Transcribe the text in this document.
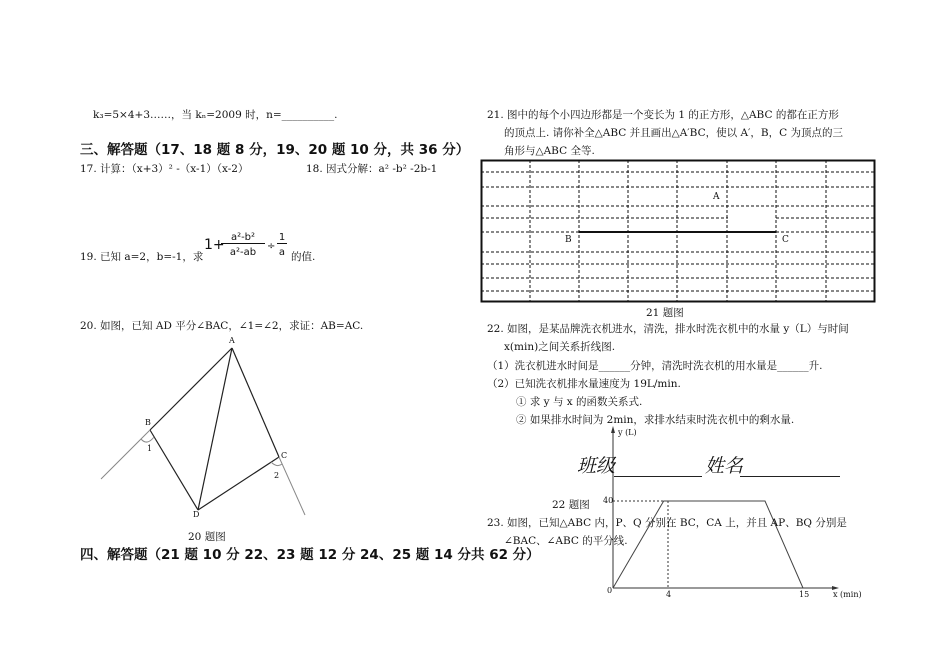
k₃=5×4+3……，当 kₙ=2009 时，n=__________.
三、解答题（17、18 题 8 分，19、20 题 10 分，共 36 分）
17. 计算：（x+3）² -（x-1）（x-2）	18. 因式分解：a² -b² -2b-1
19. 已知 a=2，b=-1，求
1+ a²-b²
a²-ab
÷
1
a 的值.
20. 如图，已知 AD 平分∠BAC，∠1=∠2，求证：AB=AC.
A
B
C
D
1
2
20 题图
四、解答题（21 题 10 分 22、23 题 12 分 24、25 题 14 分共 62 分）
21. 图中的每个小四边形都是一个变长为 1 的正方形，△ABC 的都在正方形
的顶点上. 请你补全△ABC 并且画出△A′BC，使以 A′，B，C 为顶点的三
角形与△ABC 全等.
A
B	C
21 题图
22. 如图，是某品牌洗衣机进水，清洗，排水时洗衣机中的水量 y（L）与时间
x(min)之间关系折线图.
（1）洗衣机进水时间是______分钟，清洗时洗衣机的用水量是______升.
（2）已知洗衣机排水量速度为 19L/min.
① 求 y 与 x 的函数关系式.
② 如果排水时间为 2min，求排水结束时洗衣机中的剩水量.
y (L)
班级	姓名
22 题图 40
0	4	15	x (min)
23. 如图，已知△ABC 内，P、Q 分别在 BC，CA 上，并且 AP、BQ 分别是
∠BAC、∠ABC 的平分线.
